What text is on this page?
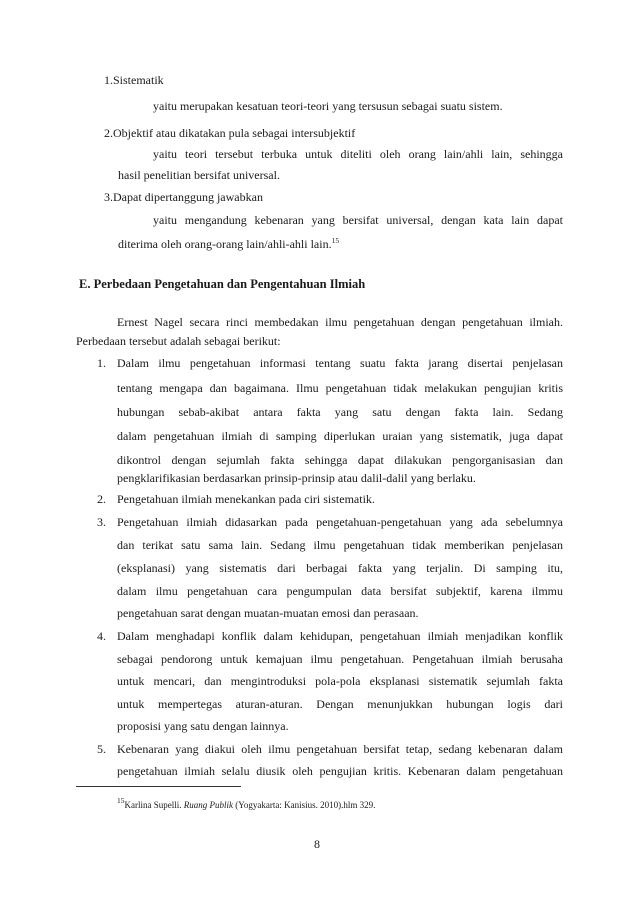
1.Sistematik
yaitu merupakan kesatuan teori-teori yang tersusun sebagai suatu sistem.
2.Objektif atau dikatakan pula sebagai intersubjektif
yaitu teori tersebut terbuka untuk diteliti oleh orang lain/ahli lain, sehingga
hasil penelitian bersifat universal.
3.Dapat dipertanggung jawabkan
yaitu mengandung kebenaran yang bersifat universal, dengan kata lain dapat
diterima oleh orang-orang lain/ahli-ahli lain.$^{15}$
E. Perbedaan Pengetahuan dan Pengentahuan Ilmiah
Ernest Nagel secara rinci membedakan ilmu pengetahuan dengan pengetahuan ilmiah.
Perbedaan tersebut adalah sebagai berikut:
1. Dalam ilmu pengetahuan informasi tentang suatu fakta jarang disertai penjelasan
tentang mengapa dan bagaimana. Ilmu pengetahuan tidak melakukan pengujian kritis
hubungan sebab-akibat antara fakta yang satu dengan fakta lain. Sedang
dalam pengetahuan ilmiah di samping diperlukan uraian yang sistematik, juga dapat
dikontrol dengan sejumlah fakta sehingga dapat dilakukan pengorganisasian dan
pengklarifikasian berdasarkan prinsip-prinsip atau dalil-dalil yang berlaku.
2. Pengetahuan ilmiah menekankan pada ciri sistematik.
3. Pengetahuan ilmiah didasarkan pada pengetahuan-pengetahuan yang ada sebelumnya
dan terikat satu sama lain. Sedang ilmu pengetahuan tidak memberikan penjelasan
(eksplanasi) yang sistematis dari berbagai fakta yang terjalin. Di samping itu,
dalam ilmu pengetahuan cara pengumpulan data bersifat subjektif, karena ilmmu
pengetahuan sarat dengan muatan-muatan emosi dan perasaan.
4. Dalam menghadapi konflik dalam kehidupan, pengetahuan ilmiah menjadikan konflik
sebagai pendorong untuk kemajuan ilmu pengetahuan. Pengetahuan ilmiah berusaha
untuk mencari, dan mengintroduksi pola-pola eksplanasi sistematik sejumlah fakta
untuk mempertegas aturan-aturan. Dengan menunjukkan hubungan logis dari
proposisi yang satu dengan lainnya.
5. Kebenaran yang diakui oleh ilmu pengetahuan bersifat tetap, sedang kebenaran dalam
pengetahuan ilmiah selalu diusik oleh pengujian kritis. Kebenaran dalam pengetahuan
$^{15}$Karlina Supelli. Ruang Publik (Yogyakarta: Kanisius. 2010).hlm 329.
8
